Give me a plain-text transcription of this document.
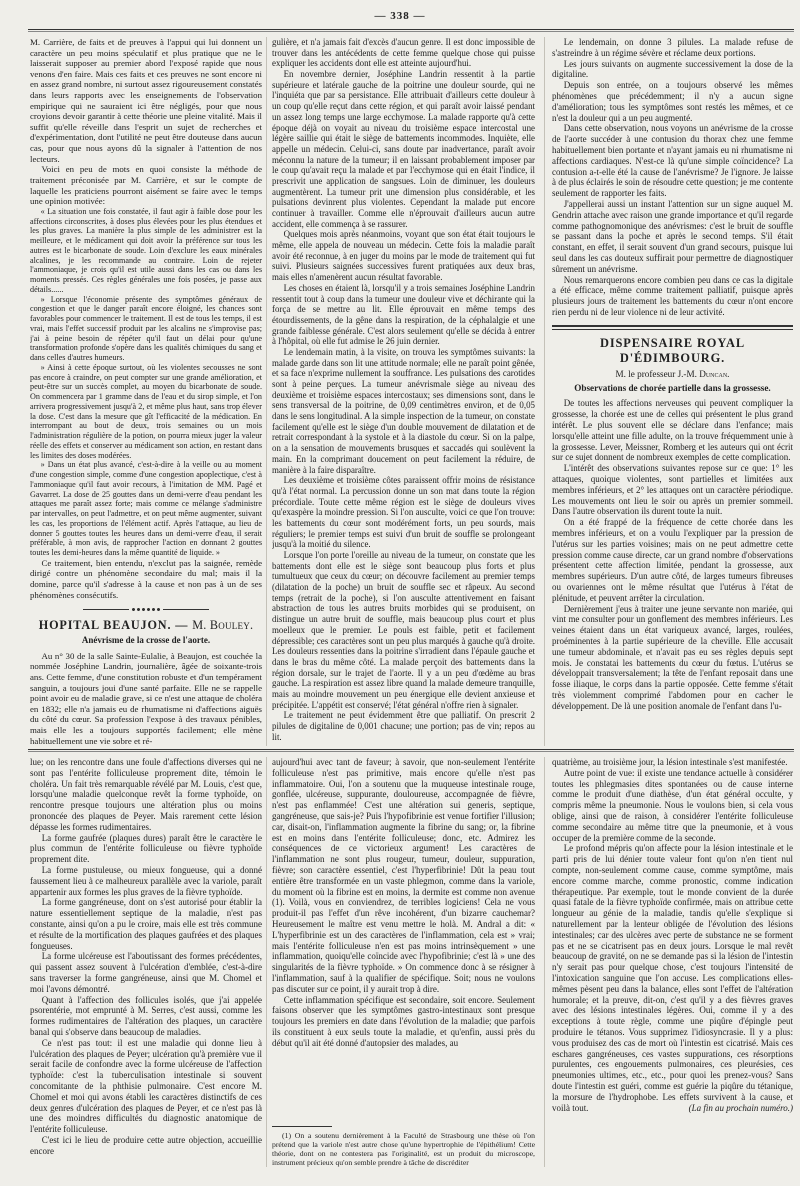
— 338 —

M. Carrière, de faits et de preuves à l'appui qui lui donnent un caractère un peu moins spéculatif et plus pratique que ne le laisserait supposer au premier abord l'exposé rapide que nous venons d'en faire. Mais ces faits et ces preuves ne sont encore ni en assez grand nombre, ni surtout assez rigoureusement constatés dans leurs rapports avec les enseignements de l'observation empirique qui ne sauraient ici être négligés, pour que nous croyions devoir garantir à cette théorie une pleine vitalité. Mais il suffit qu'elle réveille dans l'esprit un sujet de recherches et d'expérimentation, dont l'utilité ne peut être douteuse dans aucun cas, pour que nous ayons dû la signaler à l'attention de nos lecteurs.

Voici en peu de mots en quoi consiste la méthode de traitement préconisée par M. Carrière, et sur le compte de laquelle les praticiens pourront aisément se faire avec le temps une opinion motivée:

« La situation une fois constatée, il faut agir à faible dose pour les affections circonscrites, à doses plus élevées pour les plus étendues et les plus graves. La manière la plus simple de les administrer est la meilleure, et le médicament qui doit avoir la préférence sur tous les autres est le bicarbonate de soude. Loin d'exclure les eaux minérales alcalines, je les recommande au contraire. Loin de rejeter l'ammoniaque, je crois qu'il est utile aussi dans les cas ou dans les moments pressés. Ces règles générales une fois posées, je passe aux détails......

» Lorsque l'économie présente des symptômes généraux de congestion et que le danger paraît encore éloigné, les chances sont favorables pour commencer le traitement. Il est de tous les temps, il est vrai, mais l'effet successif produit par les alcalins ne s'improvise pas; j'ai à peine besoin de répéter qu'il faut un délai pour qu'une transformation profonde s'opère dans les qualités chimiques du sang et dans celles d'autres humeurs.

» Ainsi à cette époque surtout, où les violentes secousses ne sont pas encore à craindre, on peut compter sur une grande amélioration, et peut-être sur un succès complet, au moyen du bicarbonate de soude. On commencera par 1 gramme dans de l'eau et du sirop simple, et l'on arrivera progressivement jusqu'à 2, et même plus haut, sans trop élever la dose. C'est dans la mesure que gît l'efficacité de la médication. En interrompant au bout de deux, trois semaines ou un mois l'administration régulière de la potion, on pourra mieux juger la valeur réelle des effets et conserver au médicament son action, en restant dans les limites des doses modérées.

» Dans un état plus avancé, c'est-à-dire à la veille ou au moment d'une congestion simple, comme d'une congestion apoplectique, c'est à l'ammoniaque qu'il faut avoir recours, à l'imitation de MM. Pagé et Gavarret. La dose de 25 gouttes dans un demi-verre d'eau pendant les attaques me paraît assez forte; mais comme ce mélange s'administre par intervalles, on peut l'admettre, et on peut même augmenter, suivant les cas, les proportions de l'élément actif. Après l'attaque, au lieu de donner 5 gouttes toutes les heures dans un demi-verre d'eau, il serait préférable, à mon avis, de rapprocher l'action en donnant 2 gouttes toutes les demi-heures dans la même quantité de liquide. »

Ce traitement, bien entendu, n'exclut pas la saignée, remède dirigé contre un phénomène secondaire du mal; mais il la domine, parce qu'il s'adresse à la cause et non pas à un de ses phénomènes consécutifs.

HOPITAL BEAUJON. — M. Bouley.
Anévrisme de la crosse de l'aorte.

Au n° 30 de la salle Sainte-Eulalie, à Beaujon, est couchée la nommée Joséphine Landrin, journalière, âgée de soixante-trois ans. Cette femme, d'une constitution robuste et d'un tempérament sanguin, a toujours joui d'une santé parfaite. Elle ne se rappelle point avoir eu de maladie grave, si ce n'est une attaque de choléra en 1832; elle n'a jamais eu de rhumatisme ni d'affections aiguës du côté du cœur. Sa profession l'expose à des travaux pénibles, mais elle les a toujours supportés facilement; elle mène habituellement une vie sobre et ré-

gulière, et n'a jamais fait d'excès d'aucun genre. Il est donc impossible de trouver dans les antécédents de cette femme quelque chose qui puisse expliquer les accidents dont elle est atteinte aujourd'hui.

En novembre dernier, Joséphine Landrin ressentit à la partie supérieure et latérale gauche de la poitrine une douleur sourde, qui ne l'inquiéta que par sa persistance. Elle attribuait d'ailleurs cette douleur à un coup qu'elle reçut dans cette région, et qui paraît avoir laissé pendant un assez long temps une large ecchymose. La malade rapporte qu'à cette époque déjà on voyait au niveau du troisième espace intercostal une légère saillie qui était le siège de battements incommodes. Inquiète, elle appelle un médecin. Celui-ci, sans doute par inadvertance, paraît avoir méconnu la nature de la tumeur; il en laissant probablement imposer par le coup qu'avait reçu la malade et par l'ecchymose qui en était l'indice, il prescrivit une application de sangsues. Loin de diminuer, les douleurs augmentèrent. La tumeur prit une dimension plus considérable, et les pulsations devinrent plus violentes. Cependant la malade put encore continuer à travailler. Comme elle n'éprouvait d'ailleurs aucun autre accident, elle commença à se rassurer.

Quelques mois après néanmoins, voyant que son état était toujours le même, elle appela de nouveau un médecin. Cette fois la maladie paraît avoir été reconnue, à en juger du moins par le mode de traitement qui fut suivi. Plusieurs saignées successives furent pratiquées aux deux bras, mais elles n'amenèrent aucun résultat favorable.

Les choses en étaient là, lorsqu'il y a trois semaines Joséphine Landrin ressentit tout à coup dans la tumeur une douleur vive et déchirante qui la força de se mettre au lit. Elle éprouvait en même temps des étourdissements, de la gêne dans la respiration, de la céphalalgie et une grande faiblesse générale. C'est alors seulement qu'elle se décida à entrer à l'hôpital, où elle fut admise le 26 juin dernier.

Le lendemain matin, à la visite, on trouva les symptômes suivants: la malade garde dans son lit une attitude normale; elle ne paraît point gênée, et sa face n'exprime nullement la souffrance. Les pulsations des carotides sont à peine perçues. La tumeur anévrismale siège au niveau des deuxième et troisième espaces intercostaux; ses dimensions sont, dans le sens transversal de la poitrine, de 0,09 centimètres environ, et de 0,05 dans le sens longitudinal. A la simple inspection de la tumeur, on constate facilement qu'elle est le siège d'un double mouvement de dilatation et de retrait correspondant à la systole et à la diastole du cœur. Si on la palpe, on a la sensation de mouvements brusques et saccadés qui soulèvent la main. En la comprimant doucement on peut facilement la réduire, de manière à la faire disparaître.

Les deuxième et troisième côtes paraissent offrir moins de résistance qu'à l'état normal. La percussion donne un son mat dans toute la région précordiale. Toute cette même région est le siège de douleurs vives qu'exaspère la moindre pression. Si l'on ausculte, voici ce que l'on trouve: les battements du cœur sont modérément forts, un peu sourds, mais réguliers; le premier temps est suivi d'un bruit de souffle se prolongeant jusqu'à la moitié du silence.

Lorsque l'on porte l'oreille au niveau de la tumeur, on constate que les battements dont elle est le siège sont beaucoup plus forts et plus tumultueux que ceux du cœur; on découvre facilement au premier temps (dilatation de la poche) un bruit de souffle sec et râpeux. Au second temps (retrait de la poche), si l'on ausculte attentivement en faisant abstraction de tous les autres bruits morbides qui se produisent, on distingue un autre bruit de souffle, mais beaucoup plus court et plus moelleux que le premier. Le pouls est faible, petit et facilement dépressible; ces caractères sont un peu plus marqués à gauche qu'à droite. Les douleurs ressenties dans la poitrine s'irradient dans l'épaule gauche et dans le bras du même côté. La malade perçoit des battements dans la région dorsale, sur le trajet de l'aorte. Il y a un peu d'œdème au bras gauche. La respiration est assez libre quand la malade demeure tranquille, mais au moindre mouvement un peu énergique elle devient anxieuse et précipitée. L'appétit est conservé; l'état général n'offre rien à signaler.

Le traitement ne peut évidemment être que palliatif. On prescrit 2 pilules de digitaline de 0,001 chacune; une portion; pas de vin; repos au lit.

Le lendemain, on donne 3 pilules. La malade refuse de s'astreindre à un régime sévère et réclame deux portions.

Les jours suivants on augmente successivement la dose de la digitaline.

Depuis son entrée, on a toujours observé les mêmes phénomènes que précédemment; il n'y a aucun signe d'amélioration; tous les symptômes sont restés les mêmes, et ce n'est la douleur qui a un peu augmenté.

Dans cette observation, nous voyons un anévrisme de la crosse de l'aorte succéder à une contusion du thorax chez une femme habituellement bien portante et n'ayant jamais eu ni rhumatisme ni affections cardiaques. N'est-ce là qu'une simple coïncidence? La contusion a-t-elle été la cause de l'anévrisme? Je l'ignore. Je laisse à de plus éclairés le soin de résoudre cette question; je me contente seulement de rapporter les faits.

J'appellerai aussi un instant l'attention sur un signe auquel M. Gendrin attache avec raison une grande importance et qu'il regarde comme pathognomonique des anévrismes: c'est le bruit de souffle se passant dans la poche et après le second temps. S'il était constant, en effet, il serait souvent d'un grand secours, puisque lui seul dans les cas douteux suffirait pour permettre de diagnostiquer sûrement un anévrisme.

Nous remarquerons encore combien peu dans ce cas la digitale a été efficace, même comme traitement palliatif, puisque après plusieurs jours de traitement les battements du cœur n'ont encore rien perdu ni de leur violence ni de leur activité.

DISPENSAIRE ROYAL D'ÉDIMBOURG.
M. le professeur J.-M. Duncan.
Observations de chorée partielle dans la grossesse.

De toutes les affections nerveuses qui peuvent compliquer la grossesse, la chorée est une de celles qui présentent le plus grand intérêt. Le plus souvent elle se déclare dans l'enfance; mais lorsqu'elle atteint une fille adulte, on la trouve fréquemment unie à la grossesse. Lever, Meissner, Romberg et les auteurs qui ont écrit sur ce sujet donnent de nombreux exemples de cette complication.

L'intérêt des observations suivantes repose sur ce que: 1° les attaques, quoique violentes, sont partielles et limitées aux membres inférieurs, et 2° les attaques ont un caractère périodique. Les mouvements ont lieu le soir ou après un premier sommeil. Dans l'autre observation ils durent toute la nuit.

On a été frappé de la fréquence de cette chorée dans les membres inférieurs, et on a voulu l'expliquer par la pression de l'utérus sur les parties voisines; mais on ne peut admettre cette pression comme cause directe, car un grand nombre d'observations présentent cette affection limitée, pendant la grossesse, aux membres supérieurs. D'un autre côté, de larges tumeurs fibreuses ou ovariennes ont le même résultat que l'utérus à l'état de plénitude, et peuvent arrêter la circulation.

Dernièrement j'eus à traiter une jeune servante non mariée, qui vint me consulter pour un gonflement des membres inférieurs. Les veines étaient dans un état variqueux avancé, larges, roulées, proéminentes à la partie supérieure de la cheville. Elle accusait une tumeur abdominale, et n'avait pas eu ses règles depuis sept mois. Je constatai les battements du cœur du fœtus. L'utérus se développait transversalement; la tête de l'enfant reposait dans une fosse iliaque, le corps dans la partie opposée. Cette femme s'était très violemment comprimé l'abdomen pour en cacher le développement. De là une position anomale de l'enfant dans l'u-

lue; on les rencontre dans une foule d'affections diverses qui ne sont pas l'entérite folliculeuse proprement dite, témoin le choléra. Un fait très remarquable révélé par M. Louis, c'est que, lorsqu'une maladie quelconque revêt la forme typhoïde, on rencontre presque toujours une altération plus ou moins prononcée des plaques de Peyer. Mais rarement cette lésion dépasse les formes rudimentaires.

La forme gaufrée (plaques dures) paraît être le caractère le plus commun de l'entérite folliculeuse ou fièvre typhoïde proprement dite.

La forme pustuleuse, ou mieux fongueuse, qui a donné faussement lieu à ce malheureux parallèle avec la variole, paraît appartenir aux formes les plus graves de la fièvre typhoïde.

La forme gangréneuse, dont on s'est autorisé pour établir la nature essentiellement septique de la maladie, n'est pas constante, ainsi qu'on a pu le croire, mais elle est très commune et résulte de la mortification des plaques gaufrées et des plaques fongueuses.

La forme ulcéreuse est l'aboutissant des formes précédentes, qui passent assez souvent à l'ulcération d'emblée, c'est-à-dire sans traverser la forme gangréneuse, ainsi que M. Chomel et moi l'avons démontré.

Quant à l'affection des follicules isolés, que j'ai appelée psorentérie, mot emprunté à M. Serres, c'est aussi, comme les formes rudimentaires de l'altération des plaques, un caractère banal qui s'observe dans beaucoup de maladies.

Ce n'est pas tout: il est une maladie qui donne lieu à l'ulcération des plaques de Peyer; ulcération qu'à première vue il serait facile de confondre avec la forme ulcéreuse de l'affection typhoïde: c'est la tuberculisation intestinale si souvent concomitante de la phthisie pulmonaire. C'est encore M. Chomel et moi qui avons établi les caractères distinctifs de ces deux genres d'ulcération des plaques de Peyer, et ce n'est pas là une des moindres difficultés du diagnostic anatomique de l'entérite folliculeuse.

C'est ici le lieu de produire cette autre objection, accueillie encore

aujourd'hui avec tant de faveur; à savoir, que non-seulement l'entérite folliculeuse n'est pas primitive, mais encore qu'elle n'est pas inflammatoire. Oui, l'on a soutenu que la muqueuse intestinale rouge, gonflée, ulcéreuse, suppurante, douloureuse, accompagnée de fièvre, n'est pas enflammée! C'est une altération sui generis, septique, gangréneuse, que sais-je? Puis l'hypofibrinie est venue fortifier l'illusion; car, disait-on, l'inflammation augmente la fibrine du sang; or, la fibrine est en moins dans l'entérite folliculeuse; donc, etc. Admirez les conséquences de ce victorieux argument! Les caractères de l'inflammation ne sont plus rougeur, tumeur, douleur, suppuration, fièvre; son caractère essentiel, c'est l'hyperfibrinie! Dût la peau tout entière être transformée en un vaste phlegmon, comme dans la variole, du moment où la fibrine est en moins, la dermite est comme non avenue (1). Voilà, vous en conviendrez, de terribles logiciens! Cela ne vous produit-il pas l'effet d'un rêve incohérent, d'un bizarre cauchemar? Heureusement le maître est venu mettre le holà. M. Andral a dit: « L'hyperfibrinie est un des caractères de l'inflammation, cela est » vrai; mais l'entérite folliculeuse n'en est pas moins intrinsèquement » une inflammation, quoiqu'elle coïncide avec l'hypofibrinie; c'est là » une des singularités de la fièvre typhoïde. » On commence donc à se résigner à l'inflammation, sauf à la qualifier de spécifique. Soit; nous ne voulons pas discuter sur ce point, il y aurait trop à dire.

Cette inflammation spécifique est secondaire, soit encore. Seulement faisons observer que les symptômes gastro-intestinaux sont presque toujours les premiers en date dans l'évolution de la maladie; que parfois ils constituent à eux seuls toute la maladie, et qu'enfin, aussi près du début qu'il ait été donné d'autopsier des malades, au

(1) On a soutenu dernièrement à la Faculté de Strasbourg une thèse où l'on prétend que la variole n'est autre chose qu'une hypertrophie de l'épithélium! Cette théorie, dont on ne contestera pas l'originalité, est un produit du microscope, instrument précieux qu'on semble prendre à tâche de discréditer

quatrième, au troisième jour, la lésion intestinale s'est manifestée.

Autre point de vue: il existe une tendance actuelle à considérer toutes les phlegmasies dites spontanées ou de cause interne comme le produit d'une diathèse, d'un état général occulte, y compris même la pneumonie. Nous le voulons bien, si cela vous oblige, ainsi que de raison, à considérer l'entérite folliculeuse comme secondaire au même titre que la pneumonie, et à vous occuper de la première comme de la seconde.

Le profond mépris qu'on affecte pour la lésion intestinale et le parti pris de lui dénier toute valeur font qu'on n'en tient nul compte, non-seulement comme cause, comme symptôme, mais encore comme marche, comme pronostic, comme indication thérapeutique. Par exemple, tout le monde convient de la durée quasi fatale de la fièvre typhoïde confirmée, mais on attribue cette longueur au génie de la maladie, tandis qu'elle s'explique si naturellement par la lenteur obligée de l'évolution des lésions intestinales; car des ulcères avec perte de substance ne se forment pas et ne se cicatrisent pas en deux jours. Lorsque le mal revêt beaucoup de gravité, on ne se demande pas si la lésion de l'intestin n'y serait pas pour quelque chose, c'est toujours l'intensité de l'intoxication sanguine que l'on accuse. Les complications elles-mêmes pèsent peu dans la balance, elles sont l'effet de l'altération humorale; et la preuve, dit-on, c'est qu'il y a des fièvres graves avec des lésions intestinales légères. Oui, comme il y a des exceptions à toute règle, comme une piqûre d'épingle peut produire le tétanos. Vous supprimez l'idiosyncrasie. Il y a plus: vous produisez des cas de mort où l'intestin est cicatrisé. Mais ces eschares gangréneuses, ces vastes suppurations, ces résorptions purulentes, ces engouements pulmonaires, ces pleurésies, ces pneumonies ultimes, etc., etc., pour quoi les prenez-vous? Sans doute l'intestin est guéri, comme est guérie la piqûre du tétanique, la morsure de l'hydrophobe. Les effets survivent à la cause, et voilà tout.	(La fin au prochain numéro.)
